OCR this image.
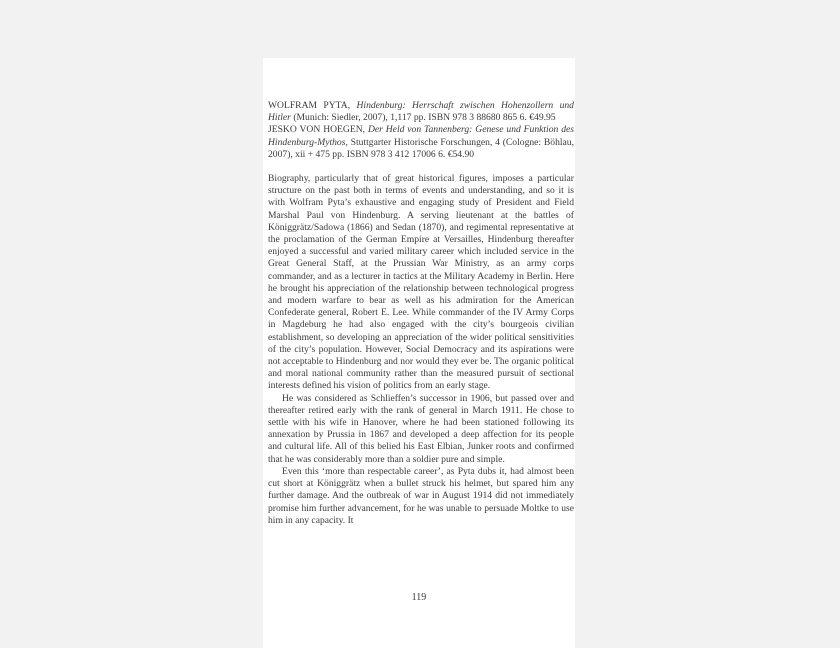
WOLFRAM PYTA, Hindenburg: Herrschaft zwischen Hohenzollern und Hitler (Munich: Siedler, 2007), 1,117 pp. ISBN 978 3 88680 865 6. €49.95

JESKO VON HOEGEN, Der Held von Tannenberg: Genese und Funktion des Hindenburg-Mythos, Stuttgarter Historische Forschungen, 4 (Cologne: Böhlau, 2007), xii + 475 pp. ISBN 978 3 412 17006 6. €54.90

Biography, particularly that of great historical figures, imposes a particular structure on the past both in terms of events and understanding, and so it is with Wolfram Pyta’s exhaustive and engaging study of President and Field Marshal Paul von Hindenburg. A serving lieutenant at the battles of Königgrätz/Sadowa (1866) and Sedan (1870), and regimental representative at the proclamation of the German Empire at Versailles, Hindenburg thereafter enjoyed a successful and varied military career which included service in the Great General Staff, at the Prussian War Ministry, as an army corps commander, and as a lecturer in tactics at the Military Academy in Berlin. Here he brought his appreciation of the relationship between technological progress and modern warfare to bear as well as his admiration for the American Confederate general, Robert E. Lee. While commander of the IV Army Corps in Magdeburg he had also engaged with the city’s bourgeois civilian establishment, so developing an appreciation of the wider political sensitivities of the city’s population. However, Social Democracy and its aspirations were not acceptable to Hindenburg and nor would they ever be. The organic political and moral national community rather than the measured pursuit of sectional interests defined his vision of politics from an early stage.

He was considered as Schlieffen’s successor in 1906, but passed over and thereafter retired early with the rank of general in March 1911. He chose to settle with his wife in Hanover, where he had been stationed following its annexation by Prussia in 1867 and developed a deep affection for its people and cultural life. All of this belied his East Elbian, Junker roots and confirmed that he was considerably more than a soldier pure and simple.

Even this ‘more than respectable career’, as Pyta dubs it, had almost been cut short at Königgrätz when a bullet struck his helmet, but spared him any further damage. And the outbreak of war in August 1914 did not immediately promise him further advancement, for he was unable to persuade Moltke to use him in any capacity. It

119
